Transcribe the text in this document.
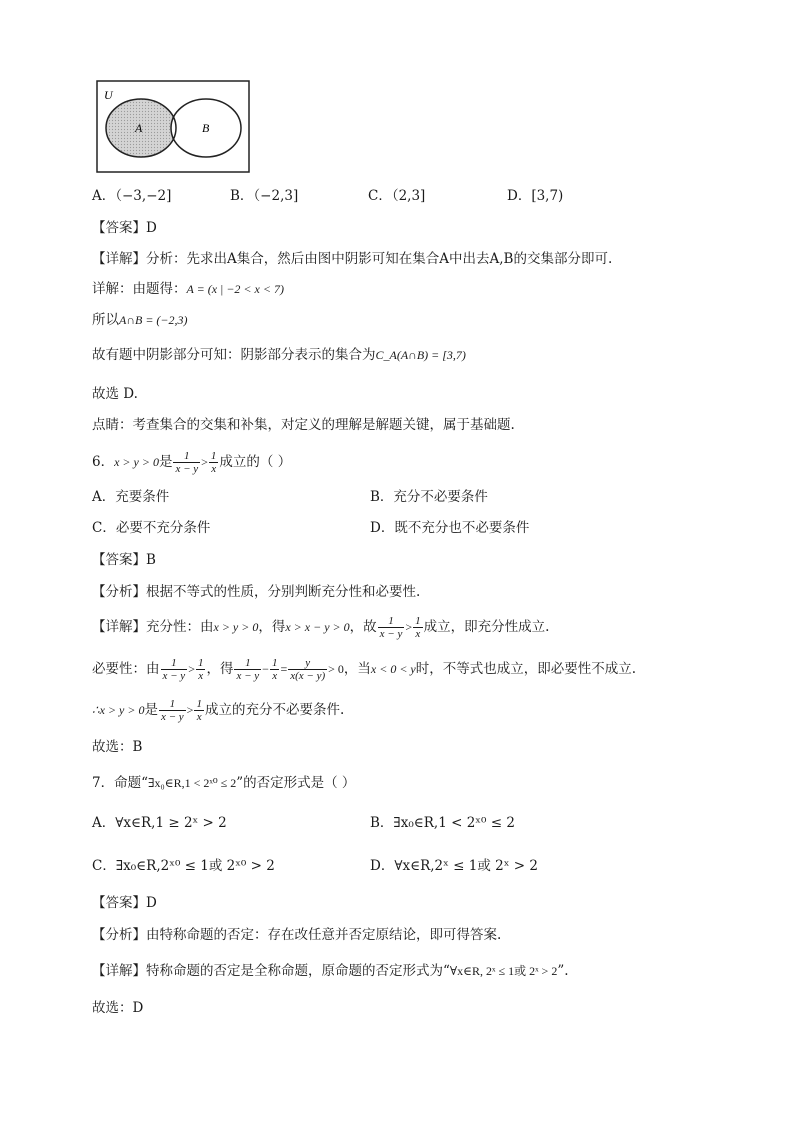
U
A	B
A．（−3,−2]	B．（−2,3]	C．（2,3]	D．[3,7)
【答案】D
【详解】分析：先求出A集合，然后由图中阴影可知在集合A中出去A,B的交集部分即可.
详解：由题得：A = (x | −2 < x < 7)
所以A∩B = (−2,3)
故有题中阴影部分可知：阴影部分表示的集合为C_A(A∩B) = [3,7)
故选 D.
点睛：考查集合的交集和补集，对定义的理解是解题关键，属于基础题.
6．x > y > 0是 $\frac{1}{x - y} > \frac{1}{x}$ 成立的（ ）
A．充要条件	B．充分不必要条件
C．必要不充分条件	D．既不充分也不必要条件
【答案】B
【分析】根据不等式的性质，分别判断充分性和必要性.
【详解】充分性：由x > y > 0，得x > x − y > 0，故 $\frac{1}{x - y} > \frac{1}{x}$ 成立，即充分性成立.
必要性：由 $\frac{1}{x - y} > \frac{1}{x}$ ，得 $\frac{1}{x - y} - \frac{1}{x} = \frac{y}{x(x - y)} > 0$，当x < 0 < y时，不等式也成立，即必要性不成立.
∴x > y > 0是 $\frac{1}{x - y} > \frac{1}{x}$ 成立的充分不必要条件.
故选：B
7．命题“∃x₀∈R,1 < 2ˣ⁰ ≤ 2”的否定形式是（ ）
A．∀x∈R,1 ≥ 2ˣ > 2	B．∃x₀∈R,1 < 2ˣ⁰ ≤ 2
C．∃x₀∈R,2ˣ⁰ ≤ 1或 2ˣ⁰ > 2	D．∀x∈R,2ˣ ≤ 1或 2ˣ > 2
【答案】D
【分析】由特称命题的否定：存在改任意并否定原结论，即可得答案.
【详解】特称命题的否定是全称命题，原命题的否定形式为“∀x∈R, 2ˣ ≤ 1或 2ˣ > 2”.
故选：D
